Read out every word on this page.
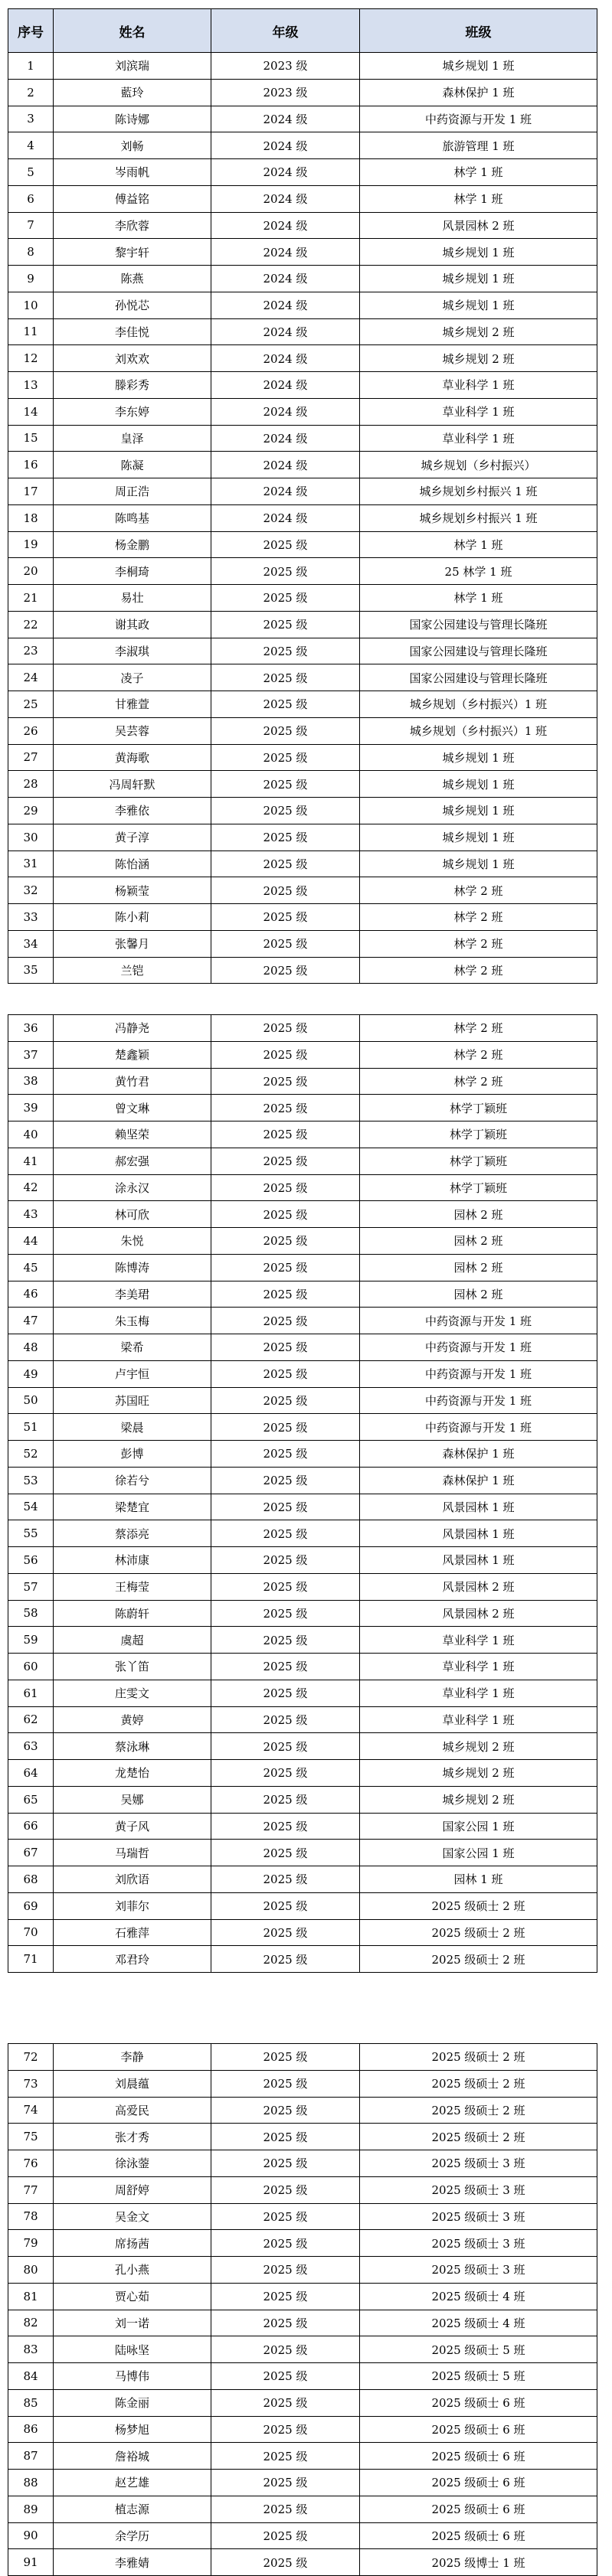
序号	姓名	年级	班级
1	刘滨瑞	2023 级	城乡规划 1 班
2	藍玲	2023 级	森林保护 1 班
3	陈诗娜	2024 级	中药资源与开发 1 班
4	刘畅	2024 级	旅游管理 1 班
5	岑雨帆	2024 级	林学 1 班
6	傅益铭	2024 级	林学 1 班
7	李欣蓉	2024 级	风景园林 2 班
8	黎宇轩	2024 级	城乡规划 1 班
9	陈燕	2024 级	城乡规划 1 班
10	孙悦芯	2024 级	城乡规划 1 班
11	李佳悦	2024 级	城乡规划 2 班
12	刘欢欢	2024 级	城乡规划 2 班
13	滕彩秀	2024 级	草业科学 1 班
14	李东婷	2024 级	草业科学 1 班
15	皇泽	2024 级	草业科学 1 班
16	陈凝	2024 级	城乡规划（乡村振兴）
17	周正浩	2024 级	城乡规划乡村振兴 1 班
18	陈鸣基	2024 级	城乡规划乡村振兴 1 班
19	杨金鹏	2025 级	林学 1 班
20	李桐琦	2025 级	25 林学 1 班
21	易壮	2025 级	林学 1 班
22	谢其政	2025 级	国家公园建设与管理长隆班
23	李淑琪	2025 级	国家公园建设与管理长隆班
24	凌子	2025 级	国家公园建设与管理长隆班
25	甘雅萱	2025 级	城乡规划（乡村振兴）1 班
26	吴芸蓉	2025 级	城乡规划（乡村振兴）1 班
27	黄海歌	2025 级	城乡规划 1 班
28	冯周轩默	2025 级	城乡规划 1 班
29	李雅依	2025 级	城乡规划 1 班
30	黄子淳	2025 级	城乡规划 1 班
31	陈怡涵	2025 级	城乡规划 1 班
32	杨颖莹	2025 级	林学 2 班
33	陈小莉	2025 级	林学 2 班
34	张馨月	2025 级	林学 2 班
35	兰铠	2025 级	林学 2 班
36	冯静尧	2025 级	林学 2 班
37	楚鑫颖	2025 级	林学 2 班
38	黄竹君	2025 级	林学 2 班
39	曾文琳	2025 级	林学丁颖班
40	赖坚荣	2025 级	林学丁颖班
41	郝宏强	2025 级	林学丁颖班
42	涂永汉	2025 级	林学丁颖班
43	林可欣	2025 级	园林 2 班
44	朱悦	2025 级	园林 2 班
45	陈博涛	2025 级	园林 2 班
46	李美珺	2025 级	园林 2 班
47	朱玉梅	2025 级	中药资源与开发 1 班
48	梁希	2025 级	中药资源与开发 1 班
49	卢宇恒	2025 级	中药资源与开发 1 班
50	苏国旺	2025 级	中药资源与开发 1 班
51	梁晨	2025 级	中药资源与开发 1 班
52	彭博	2025 级	森林保护 1 班
53	徐若兮	2025 级	森林保护 1 班
54	梁楚宜	2025 级	风景园林 1 班
55	蔡添亮	2025 级	风景园林 1 班
56	林沛康	2025 级	风景园林 1 班
57	王梅莹	2025 级	风景园林 2 班
58	陈蔚轩	2025 级	风景园林 2 班
59	虞超	2025 级	草业科学 1 班
60	张丫笛	2025 级	草业科学 1 班
61	庄雯文	2025 级	草业科学 1 班
62	黄婷	2025 级	草业科学 1 班
63	蔡泳琳	2025 级	城乡规划 2 班
64	龙楚怡	2025 级	城乡规划 2 班
65	吴娜	2025 级	城乡规划 2 班
66	黄子风	2025 级	国家公园 1 班
67	马瑞哲	2025 级	国家公园 1 班
68	刘欣语	2025 级	园林 1 班
69	刘菲尔	2025 级	2025 级硕士 2 班
70	石雅萍	2025 级	2025 级硕士 2 班
71	邓君玲	2025 级	2025 级硕士 2 班
72	李静	2025 级	2025 级硕士 2 班
73	刘晨蕴	2025 级	2025 级硕士 2 班
74	高爱民	2025 级	2025 级硕士 2 班
75	张才秀	2025 级	2025 级硕士 2 班
76	徐泳蓥	2025 级	2025 级硕士 3 班
77	周舒婷	2025 级	2025 级硕士 3 班
78	吴金文	2025 级	2025 级硕士 3 班
79	席扬茜	2025 级	2025 级硕士 3 班
80	孔小燕	2025 级	2025 级硕士 3 班
81	贾心茹	2025 级	2025 级硕士 4 班
82	刘一诺	2025 级	2025 级硕士 4 班
83	陆咏坚	2025 级	2025 级硕士 5 班
84	马博伟	2025 级	2025 级硕士 5 班
85	陈金丽	2025 级	2025 级硕士 6 班
86	杨梦旭	2025 级	2025 级硕士 6 班
87	詹裕城	2025 级	2025 级硕士 6 班
88	赵艺雄	2025 级	2025 级硕士 6 班
89	植志源	2025 级	2025 级硕士 6 班
90	余学历	2025 级	2025 级硕士 6 班
91	李雅婧	2025 级	2025 级博士 1 班
